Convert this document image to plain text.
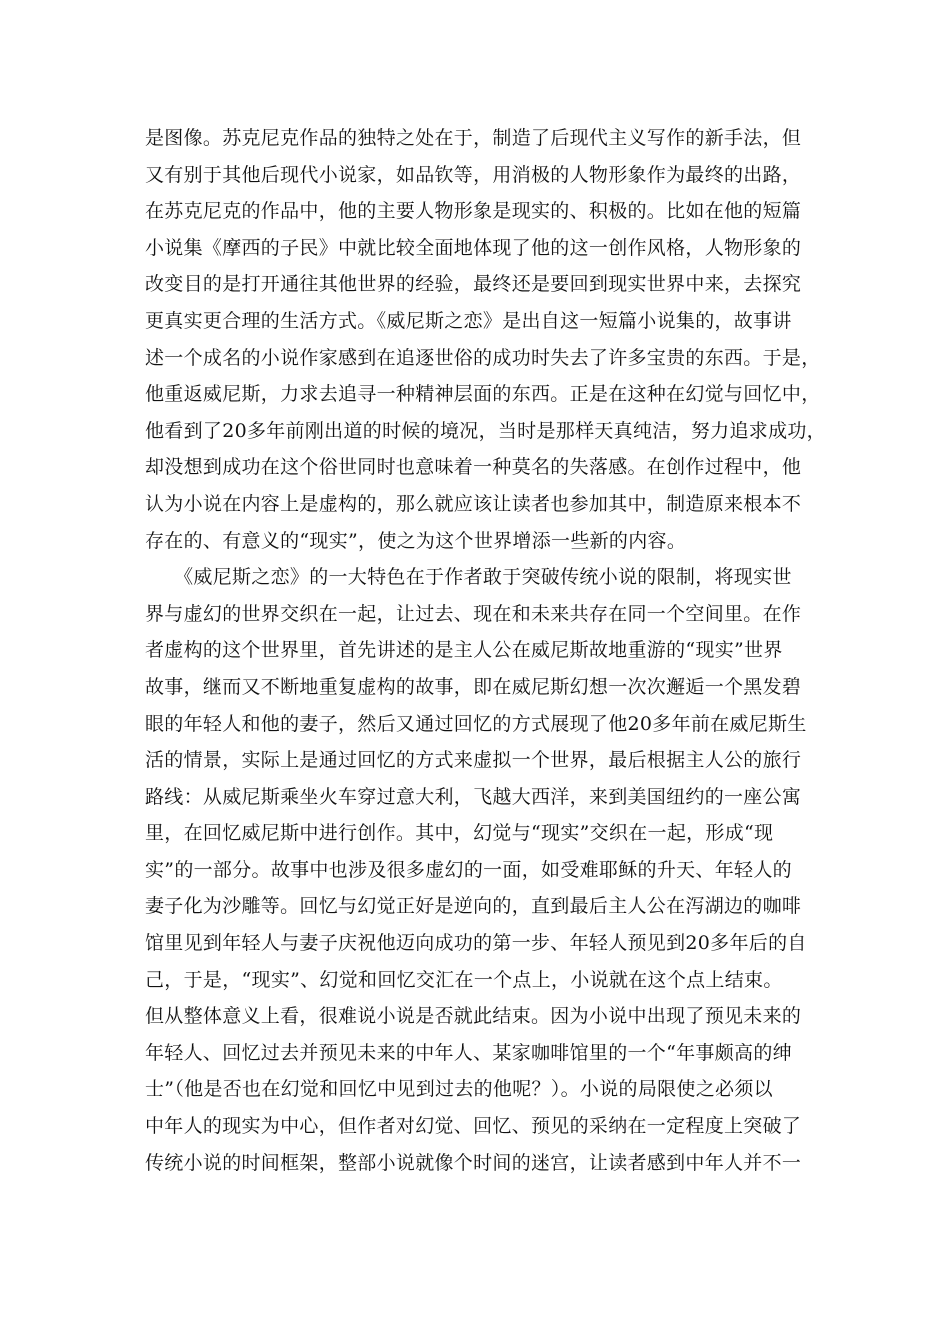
是图像。苏克尼克作品的独特之处在于，制造了后现代主义写作的新手法，但
又有别于其他后现代小说家，如品钦等，用消极的人物形象作为最终的出路，
在苏克尼克的作品中，他的主要人物形象是现实的、积极的。比如在他的短篇
小说集《摩西的子民》中就比较全面地体现了他的这一创作风格，人物形象的
改变目的是打开通往其他世界的经验，最终还是要回到现实世界中来，去探究
更真实更合理的生活方式。《威尼斯之恋》是出自这一短篇小说集的，故事讲
述一个成名的小说作家感到在追逐世俗的成功时失去了许多宝贵的东西。于是，
他重返威尼斯，力求去追寻一种精神层面的东西。正是在这种在幻觉与回忆中，
他看到了20多年前刚出道的时候的境况，当时是那样天真纯洁，努力追求成功，
却没想到成功在这个俗世同时也意味着一种莫名的失落感。在创作过程中，他
认为小说在内容上是虚构的，那么就应该让读者也参加其中，制造原来根本不
存在的、有意义的“现实”，使之为这个世界增添一些新的内容。
　　《威尼斯之恋》的一大特色在于作者敢于突破传统小说的限制，将现实世
界与虚幻的世界交织在一起，让过去、现在和未来共存在同一个空间里。在作
者虚构的这个世界里，首先讲述的是主人公在威尼斯故地重游的“现实”世界
故事，继而又不断地重复虚构的故事，即在威尼斯幻想一次次邂逅一个黑发碧
眼的年轻人和他的妻子，然后又通过回忆的方式展现了他20多年前在威尼斯生
活的情景，实际上是通过回忆的方式来虚拟一个世界，最后根据主人公的旅行
路线：从威尼斯乘坐火车穿过意大利，飞越大西洋，来到美国纽约的一座公寓
里，在回忆威尼斯中进行创作。其中，幻觉与“现实”交织在一起，形成“现
实”的一部分。故事中也涉及很多虚幻的一面，如受难耶稣的升天、年轻人的
妻子化为沙雕等。回忆与幻觉正好是逆向的，直到最后主人公在泻湖边的咖啡
馆里见到年轻人与妻子庆祝他迈向成功的第一步、年轻人预见到20多年后的自
己，于是，“现实”、幻觉和回忆交汇在一个点上，小说就在这个点上结束。
但从整体意义上看，很难说小说是否就此结束。因为小说中出现了预见未来的
年轻人、回忆过去并预见未来的中年人、某家咖啡馆里的一个“年事颇高的绅
士”（他是否也在幻觉和回忆中见到过去的他呢？）。小说的局限使之必须以
中年人的现实为中心，但作者对幻觉、回忆、预见的采纳在一定程度上突破了
传统小说的时间框架，整部小说就像个时间的迷宫，让读者感到中年人并不一
